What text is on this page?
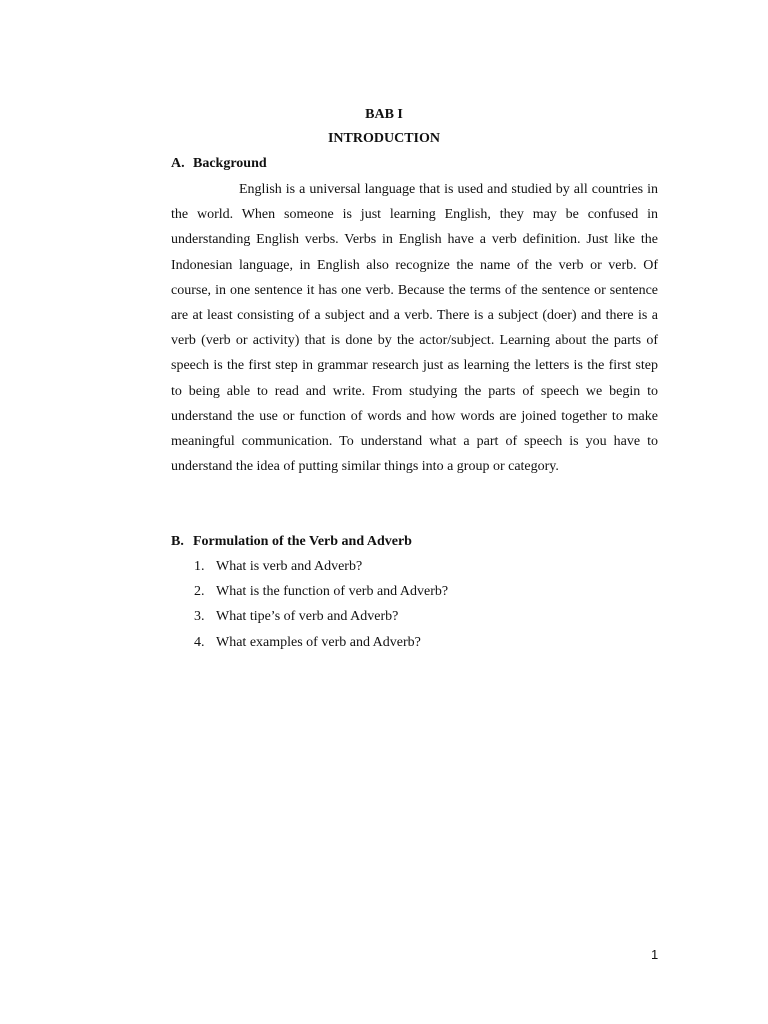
BAB I
INTRODUCTION
A. Background

English is a universal language that is used and studied by all countries in the world. When someone is just learning English, they may be confused in understanding English verbs. Verbs in English have a verb definition. Just like the Indonesian language, in English also recognize the name of the verb or verb. Of course, in one sentence it has one verb. Because the terms of the sentence or sentence are at least consisting of a subject and a verb. There is a subject (doer) and there is a verb (verb or activity) that is done by the actor/subject. Learning about the parts of speech is the first step in grammar research just as learning the letters is the first step to being able to read and write. From studying the parts of speech we begin to understand the use or function of words and how words are joined together to make meaningful communication. To understand what a part of speech is you have to understand the idea of putting similar things into a group or category.

B. Formulation of the Verb and Adverb
1. What is verb and Adverb?
2. What is the function of verb and Adverb?
3. What tipe’s of verb and Adverb?
4. What examples of verb and Adverb?
1
